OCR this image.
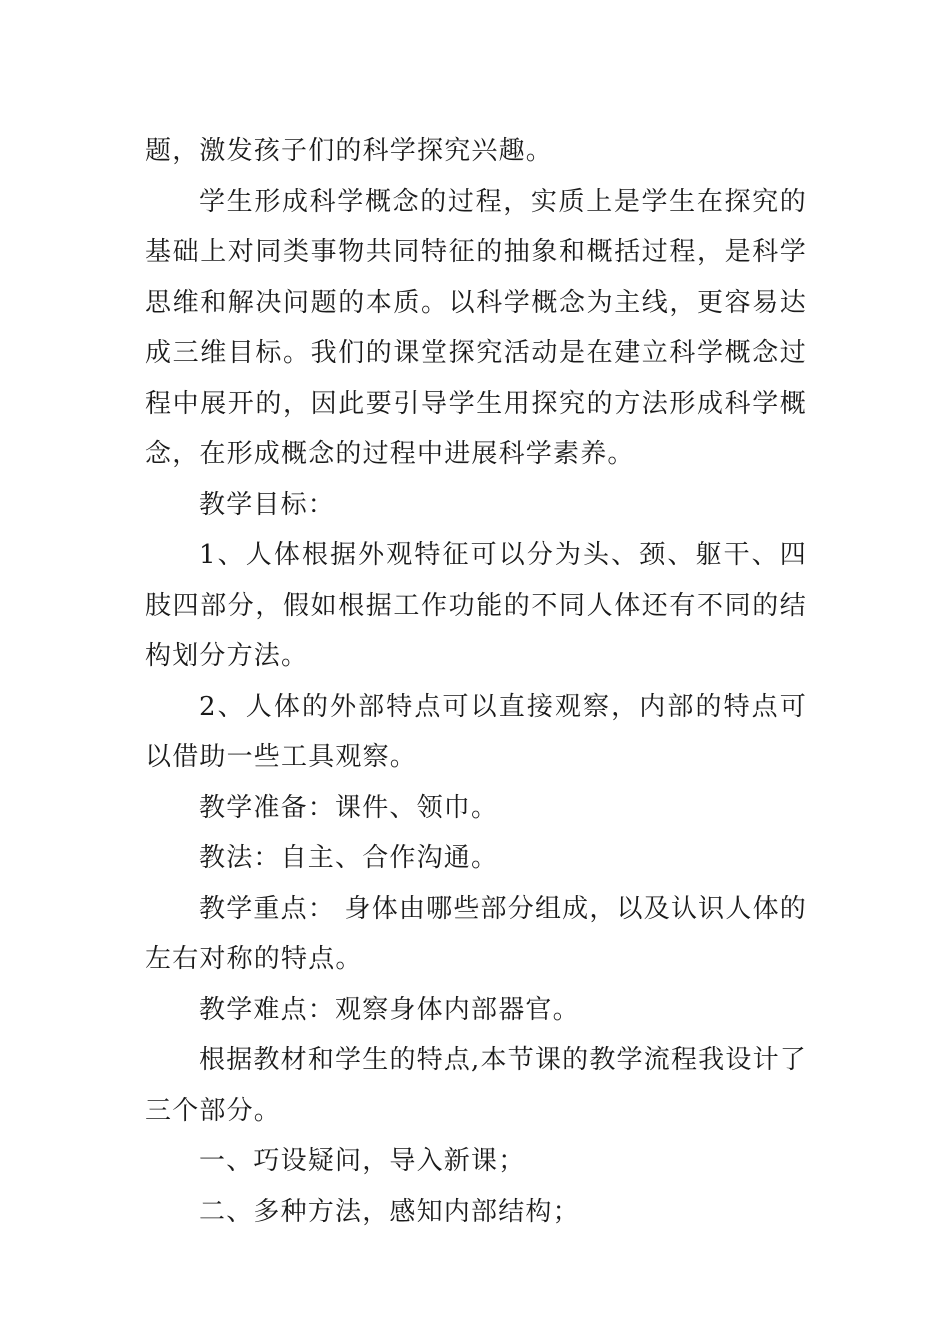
题，激发孩子们的科学探究兴趣。

学生形成科学概念的过程，实质上是学生在探究的基础上对同类事物共同特征的抽象和概括过程，是科学思维和解决问题的本质。以科学概念为主线，更容易达成三维目标。我们的课堂探究活动是在建立科学概念过程中展开的，因此要引导学生用探究的方法形成科学概念，在形成概念的过程中进展科学素养。

教学目标：

1、人体根据外观特征可以分为头、颈、躯干、四肢四部分，假如根据工作功能的不同人体还有不同的结构划分方法。

2、人体的外部特点可以直接观察，内部的特点可以借助一些工具观察。

教学准备：课件、领巾。

教法：自主、合作沟通。

教学重点： 身体由哪些部分组成，以及认识人体的左右对称的特点。

教学难点：观察身体内部器官。

根据教材和学生的特点,本节课的教学流程我设计了三个部分。

一、巧设疑问，导入新课；

二、多种方法，感知内部结构；
